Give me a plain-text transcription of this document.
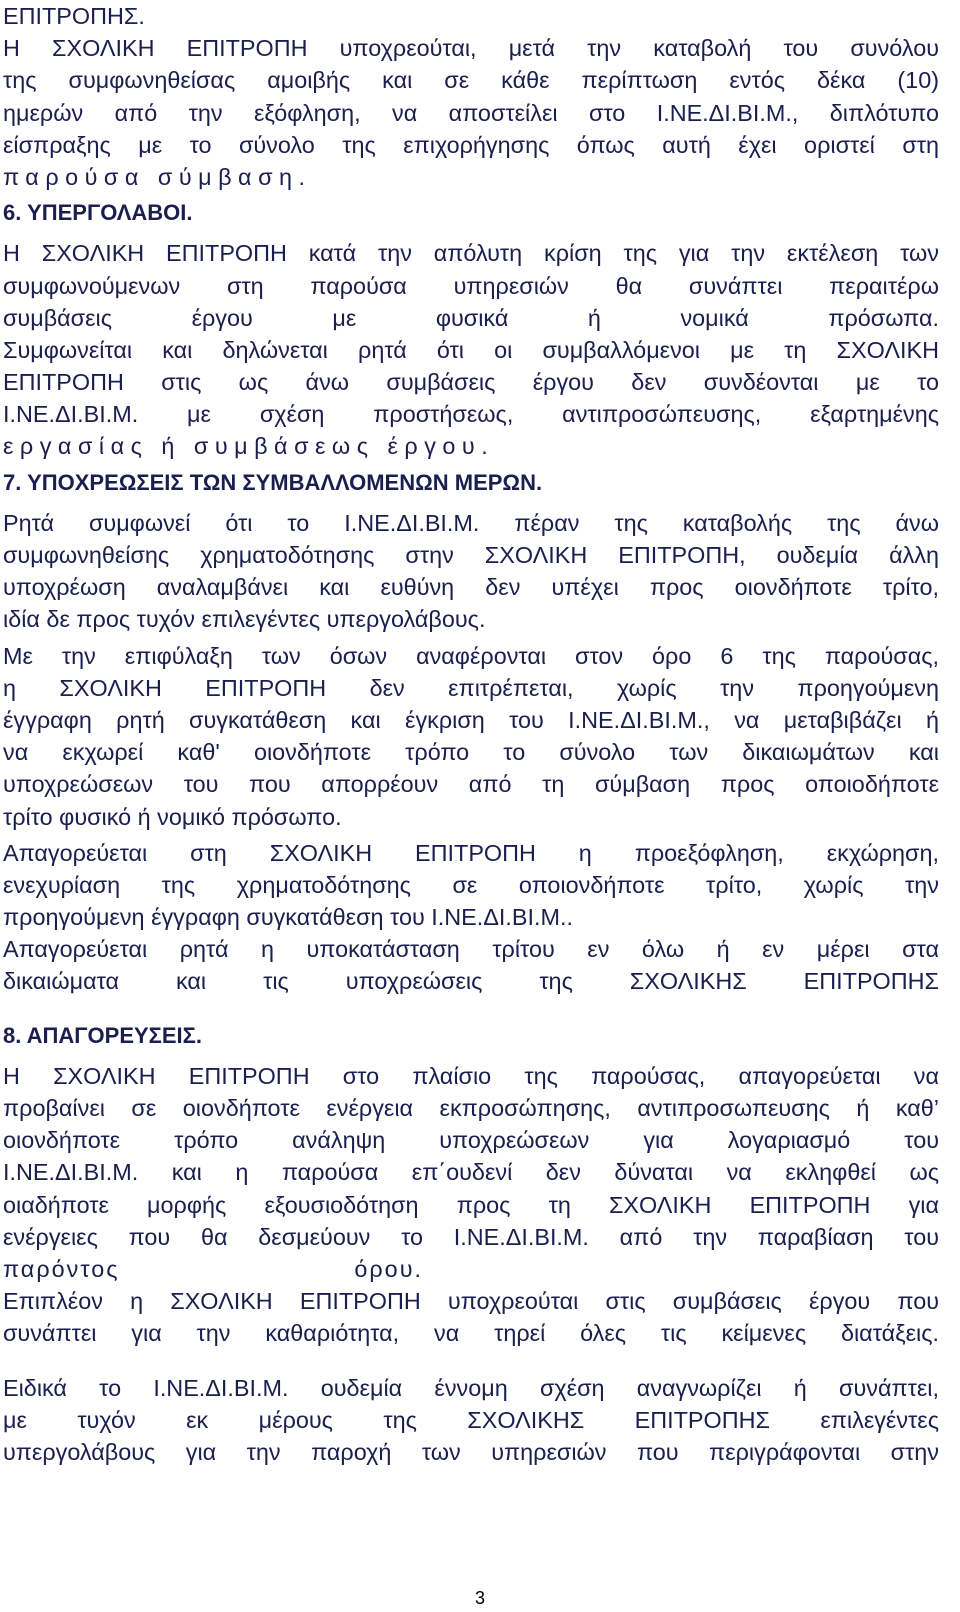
ΕΠΙΤΡΟΠΗΣ.
Η ΣΧΟΛΙΚΗ ΕΠΙΤΡΟΠΗ υποχρεούται, μετά την καταβολή του συνόλου
της συμφωνηθείσας αμοιβής και σε κάθε περίπτωση εντός δέκα (10)
ημερών από την εξόφληση, να αποστείλει στο Ι.ΝΕ.ΔΙ.ΒΙ.Μ., διπλότυπο
είσπραξης με το σύνολο της επιχορήγησης όπως αυτή έχει οριστεί στη
παρούσα σύμβαση.
6. ΥΠΕΡΓΟΛΑΒΟΙ.
Η ΣΧΟΛΙΚΗ ΕΠΙΤΡΟΠΗ κατά την απόλυτη κρίση της για την εκτέλεση των
συμφωνούμενων στη παρούσα υπηρεσιών θα συνάπτει περαιτέρω
συμβάσεις έργου με φυσικά ή νομικά πρόσωπα.
Συμφωνείται και δηλώνεται ρητά ότι οι συμβαλλόμενοι με τη ΣΧΟΛΙΚΗ
ΕΠΙΤΡΟΠΗ στις ως άνω συμβάσεις έργου δεν συνδέονται με το
Ι.ΝΕ.ΔΙ.ΒΙ.Μ. με σχέση προστήσεως, αντιπροσώπευσης, εξαρτημένης
εργασίας ή συμβάσεως έργου.
7. ΥΠΟΧΡΕΩΣΕΙΣ ΤΩΝ ΣΥΜΒΑΛΛΟΜΕΝΩΝ ΜΕΡΩΝ.
Ρητά συμφωνεί ότι το Ι.ΝΕ.ΔΙ.ΒΙ.Μ. πέραν της καταβολής της άνω
συμφωνηθείσης χρηματοδότησης στην ΣΧΟΛΙΚΗ ΕΠΙΤΡΟΠΗ, ουδεμία άλλη
υποχρέωση αναλαμβάνει και ευθύνη δεν υπέχει προς οιονδήποτε τρίτο,
ιδία δε προς τυχόν επιλεγέντες υπεργολάβους.
Με την επιφύλαξη των όσων αναφέρονται στον όρο 6 της παρούσας,
η ΣΧΟΛΙΚΗ ΕΠΙΤΡΟΠΗ δεν επιτρέπεται, χωρίς την προηγούμενη
έγγραφη ρητή συγκατάθεση και έγκριση του Ι.ΝΕ.ΔΙ.ΒΙ.Μ., να μεταβιβάζει ή
να εκχωρεί καθ' οιονδήποτε τρόπο το σύνολο των δικαιωμάτων και
υποχρεώσεων του που απορρέουν από τη σύμβαση προς οποιοδήποτε
τρίτο φυσικό ή νομικό πρόσωπο.
Απαγορεύεται στη ΣΧΟΛΙΚΗ ΕΠΙΤΡΟΠΗ η προεξόφληση, εκχώρηση,
ενεχυρίαση της χρηματοδότησης σε οποιονδήποτε τρίτο, χωρίς την
προηγούμενη έγγραφη συγκατάθεση του Ι.ΝΕ.ΔΙ.ΒΙ.Μ..
Απαγορεύεται ρητά η υποκατάσταση τρίτου εν όλω ή εν μέρει στα
δικαιώματα και τις υποχρεώσεις της ΣΧΟΛΙΚΗΣ ΕΠΙΤΡΟΠΗΣ
8. ΑΠΑΓΟΡΕΥΣΕΙΣ.
Η ΣΧΟΛΙΚΗ ΕΠΙΤΡΟΠΗ στο πλαίσιο της παρούσας, απαγορεύεται να
προβαίνει σε οιονδήποτε ενέργεια εκπροσώπησης, αντιπροσωπευσης ή καθ’
οιονδήποτε τρόπο ανάληψη υποχρεώσεων για λογαριασμό του
Ι.ΝΕ.ΔΙ.ΒΙ.Μ. και η παρούσα επ΄ουδενί δεν δύναται να εκληφθεί ως
οιαδήποτε μορφής εξουσιοδότηση προς τη ΣΧΟΛΙΚΗ ΕΠΙΤΡΟΠΗ για
ενέργειες που θα δεσμεύουν το Ι.ΝΕ.ΔΙ.ΒΙ.Μ. από την παραβίαση του
παρόντος όρου.
Επιπλέον η ΣΧΟΛΙΚΗ ΕΠΙΤΡΟΠΗ υποχρεούται στις συμβάσεις έργου που
συνάπτει για την καθαριότητα, να τηρεί όλες τις κείμενες διατάξεις.
Ειδικά το Ι.ΝΕ.ΔΙ.ΒΙ.Μ. ουδεμία έννομη σχέση αναγνωρίζει ή συνάπτει,
με τυχόν εκ μέρους της ΣΧΟΛΙΚΗΣ ΕΠΙΤΡΟΠΗΣ επιλεγέντες
υπεργολάβους για την παροχή των υπηρεσιών που περιγράφονται στην
3
